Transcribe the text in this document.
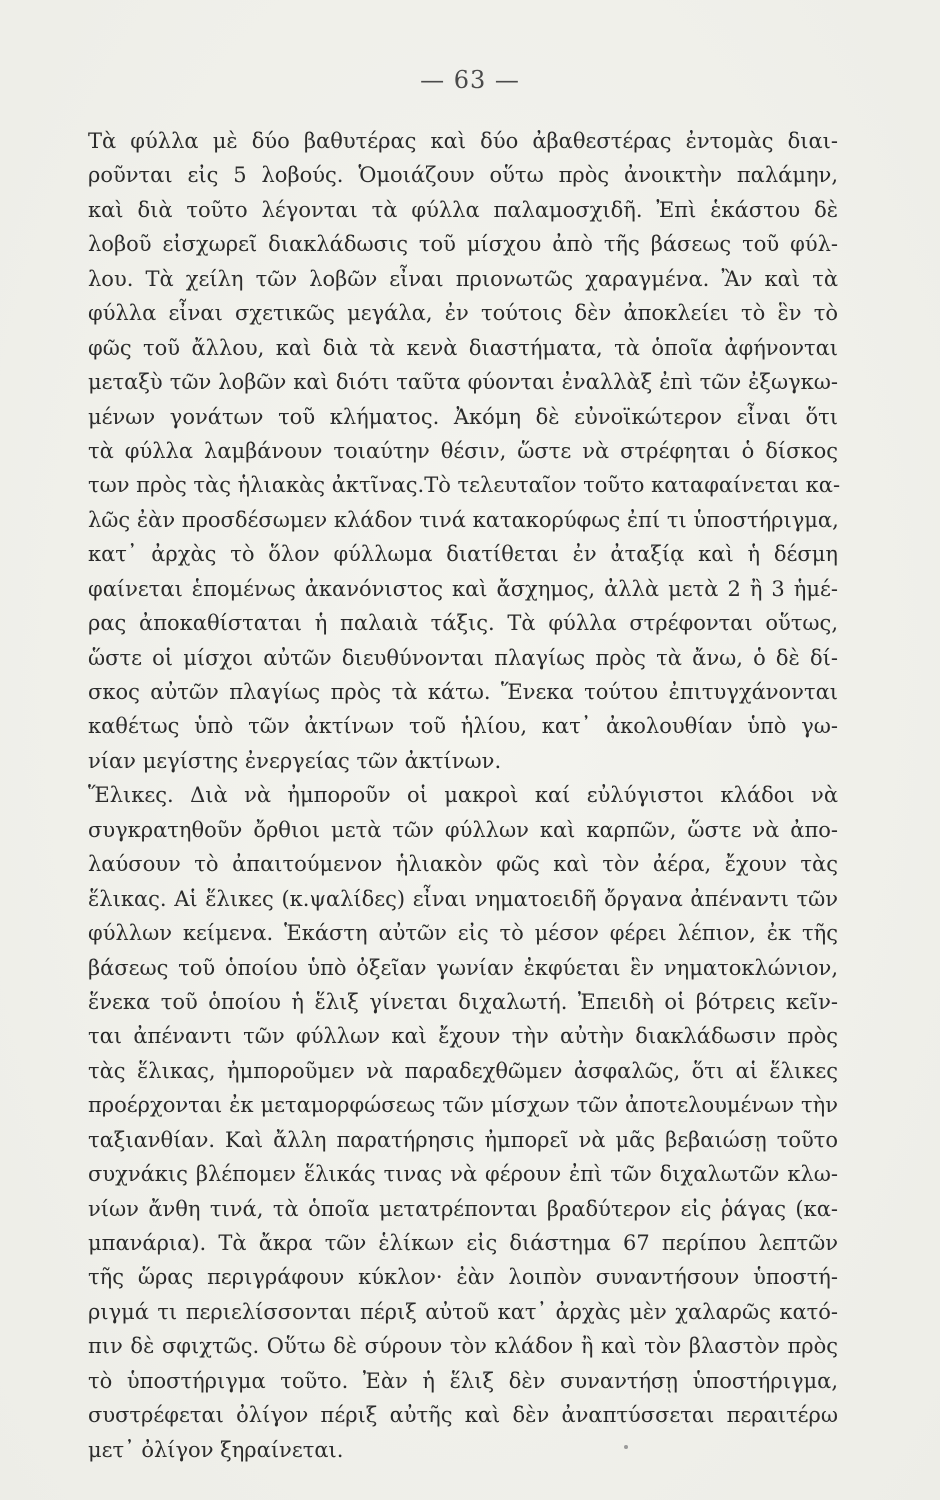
— 63 —
Τὰ φύλλα μὲ δύο βαθυτέρας καὶ δύο ἀβαθεστέρας ἐντομὰς διαι-
ροῦνται εἰς 5 λοβούς. Ὁμοιάζουν οὕτω πρὸς ἀνοικτὴν παλάμην,
καὶ διὰ τοῦτο λέγονται τὰ φύλλα παλαμοσχιδῆ. Ἐπὶ ἑκάστου δὲ
λοβοῦ εἰσχωρεῖ διακλάδωσις τοῦ μίσχου ἀπὸ τῆς βάσεως τοῦ φύλ-
λου. Τὰ χείλη τῶν λοβῶν εἶναι πριονωτῶς χαραγμένα. Ἂν καὶ τὰ
φύλλα εἶναι σχετικῶς μεγάλα, ἐν τούτοις δὲν ἀποκλείει τὸ ἓν τὸ
φῶς τοῦ ἄλλου, καὶ διὰ τὰ κενὰ διαστήματα, τὰ ὁποῖα ἀφήνονται
μεταξὺ τῶν λοβῶν καὶ διότι ταῦτα φύονται ἐναλλὰξ ἐπὶ τῶν ἐξωγκω-
μένων γονάτων τοῦ κλήματος. Ἀκόμη δὲ εὐνοϊκώτερον εἶναι ὅτι
τὰ φύλλα λαμβάνουν τοιαύτην θέσιν, ὥστε νὰ στρέφηται ὁ δίσκος
των πρὸς τὰς ἡλιακὰς ἀκτῖνας.Τὸ τελευταῖον τοῦτο καταφαίνεται κα-
λῶς ἐὰν προσδέσωμεν κλάδον τινά κατακορύφως ἐπί τι ὑποστήριγμα,
κατ᾿ ἀρχὰς τὸ ὅλον φύλλωμα διατίθεται ἐν ἀταξίᾳ καὶ ἡ δέσμη
φαίνεται ἑπομένως ἀκανόνιστος καὶ ἄσχημος, ἀλλὰ μετὰ 2 ἢ 3 ἡμέ-
ρας ἀποκαθίσταται ἡ παλαιὰ τάξις. Τὰ φύλλα στρέφονται οὕτως,
ὥστε οἱ μίσχοι αὐτῶν διευθύνονται πλαγίως πρὸς τὰ ἄνω, ὁ δὲ δί-
σκος αὐτῶν πλαγίως πρὸς τὰ κάτω. Ἕνεκα τούτου ἐπιτυγχάνονται
καθέτως ὑπὸ τῶν ἀκτίνων τοῦ ἡλίου, κατ᾿ ἀκολουθίαν ὑπὸ γω-
νίαν μεγίστης ἐνεργείας τῶν ἀκτίνων.
Ἕλικες. Διὰ νὰ ἠμποροῦν οἱ μακροὶ καί εὐλύγιστοι κλάδοι νὰ
συγκρατηθοῦν ὄρθιοι μετὰ τῶν φύλλων καὶ καρπῶν, ὥστε νὰ ἀπο-
λαύσουν τὸ ἀπαιτούμενον ἡλιακὸν φῶς καὶ τὸν ἀέρα, ἔχουν τὰς
ἕλικας. Αἱ ἕλικες (κ.ψαλίδες) εἶναι νηματοειδῆ ὄργανα ἀπέναντι τῶν
φύλλων κείμενα. Ἑκάστη αὐτῶν εἰς τὸ μέσον φέρει λέπιον, ἐκ τῆς
βάσεως τοῦ ὁποίου ὑπὸ ὀξεῖαν γωνίαν ἐκφύεται ἓν νηματοκλώνιον,
ἕνεκα τοῦ ὁποίου ἡ ἕλιξ γίνεται διχαλωτή. Ἐπειδὴ οἱ βότρεις κεῖν-
ται ἀπέναντι τῶν φύλλων καὶ ἔχουν τὴν αὐτὴν διακλάδωσιν πρὸς
τὰς ἕλικας, ἠμποροῦμεν νὰ παραδεχθῶμεν ἀσφαλῶς, ὅτι αἱ ἕλικες
προέρχονται ἐκ μεταμορφώσεως τῶν μίσχων τῶν ἀποτελουμένων τὴν
ταξιανθίαν. Καὶ ἄλλη παρατήρησις ἠμπορεῖ νὰ μᾶς βεβαιώσῃ τοῦτο
συχνάκις βλέπομεν ἕλικάς τινας νὰ φέρουν ἐπὶ τῶν διχαλωτῶν κλω-
νίων ἄνθη τινά, τὰ ὁποῖα μετατρέπονται βραδύτερον εἰς ῥάγας (κα-
μπανάρια). Τὰ ἄκρα τῶν ἑλίκων εἰς διάστημα 67 περίπου λεπτῶν
τῆς ὥρας περιγράφουν κύκλον· ἐὰν λοιπὸν συναντήσουν ὑποστή-
ριγμά τι περιελίσσονται πέριξ αὐτοῦ κατ᾿ ἀρχὰς μὲν χαλαρῶς κατό-
πιν δὲ σφιχτῶς. Οὕτω δὲ σύρουν τὸν κλάδον ἢ καὶ τὸν βλαστὸν πρὸς
τὸ ὑποστήριγμα τοῦτο. Ἐὰν ἡ ἕλιξ δὲν συναντήσῃ ὑποστήριγμα,
συστρέφεται ὀλίγον πέριξ αὐτῆς καὶ δὲν ἀναπτύσσεται περαιτέρω
μετ᾿ ὀλίγον ξηραίνεται.
